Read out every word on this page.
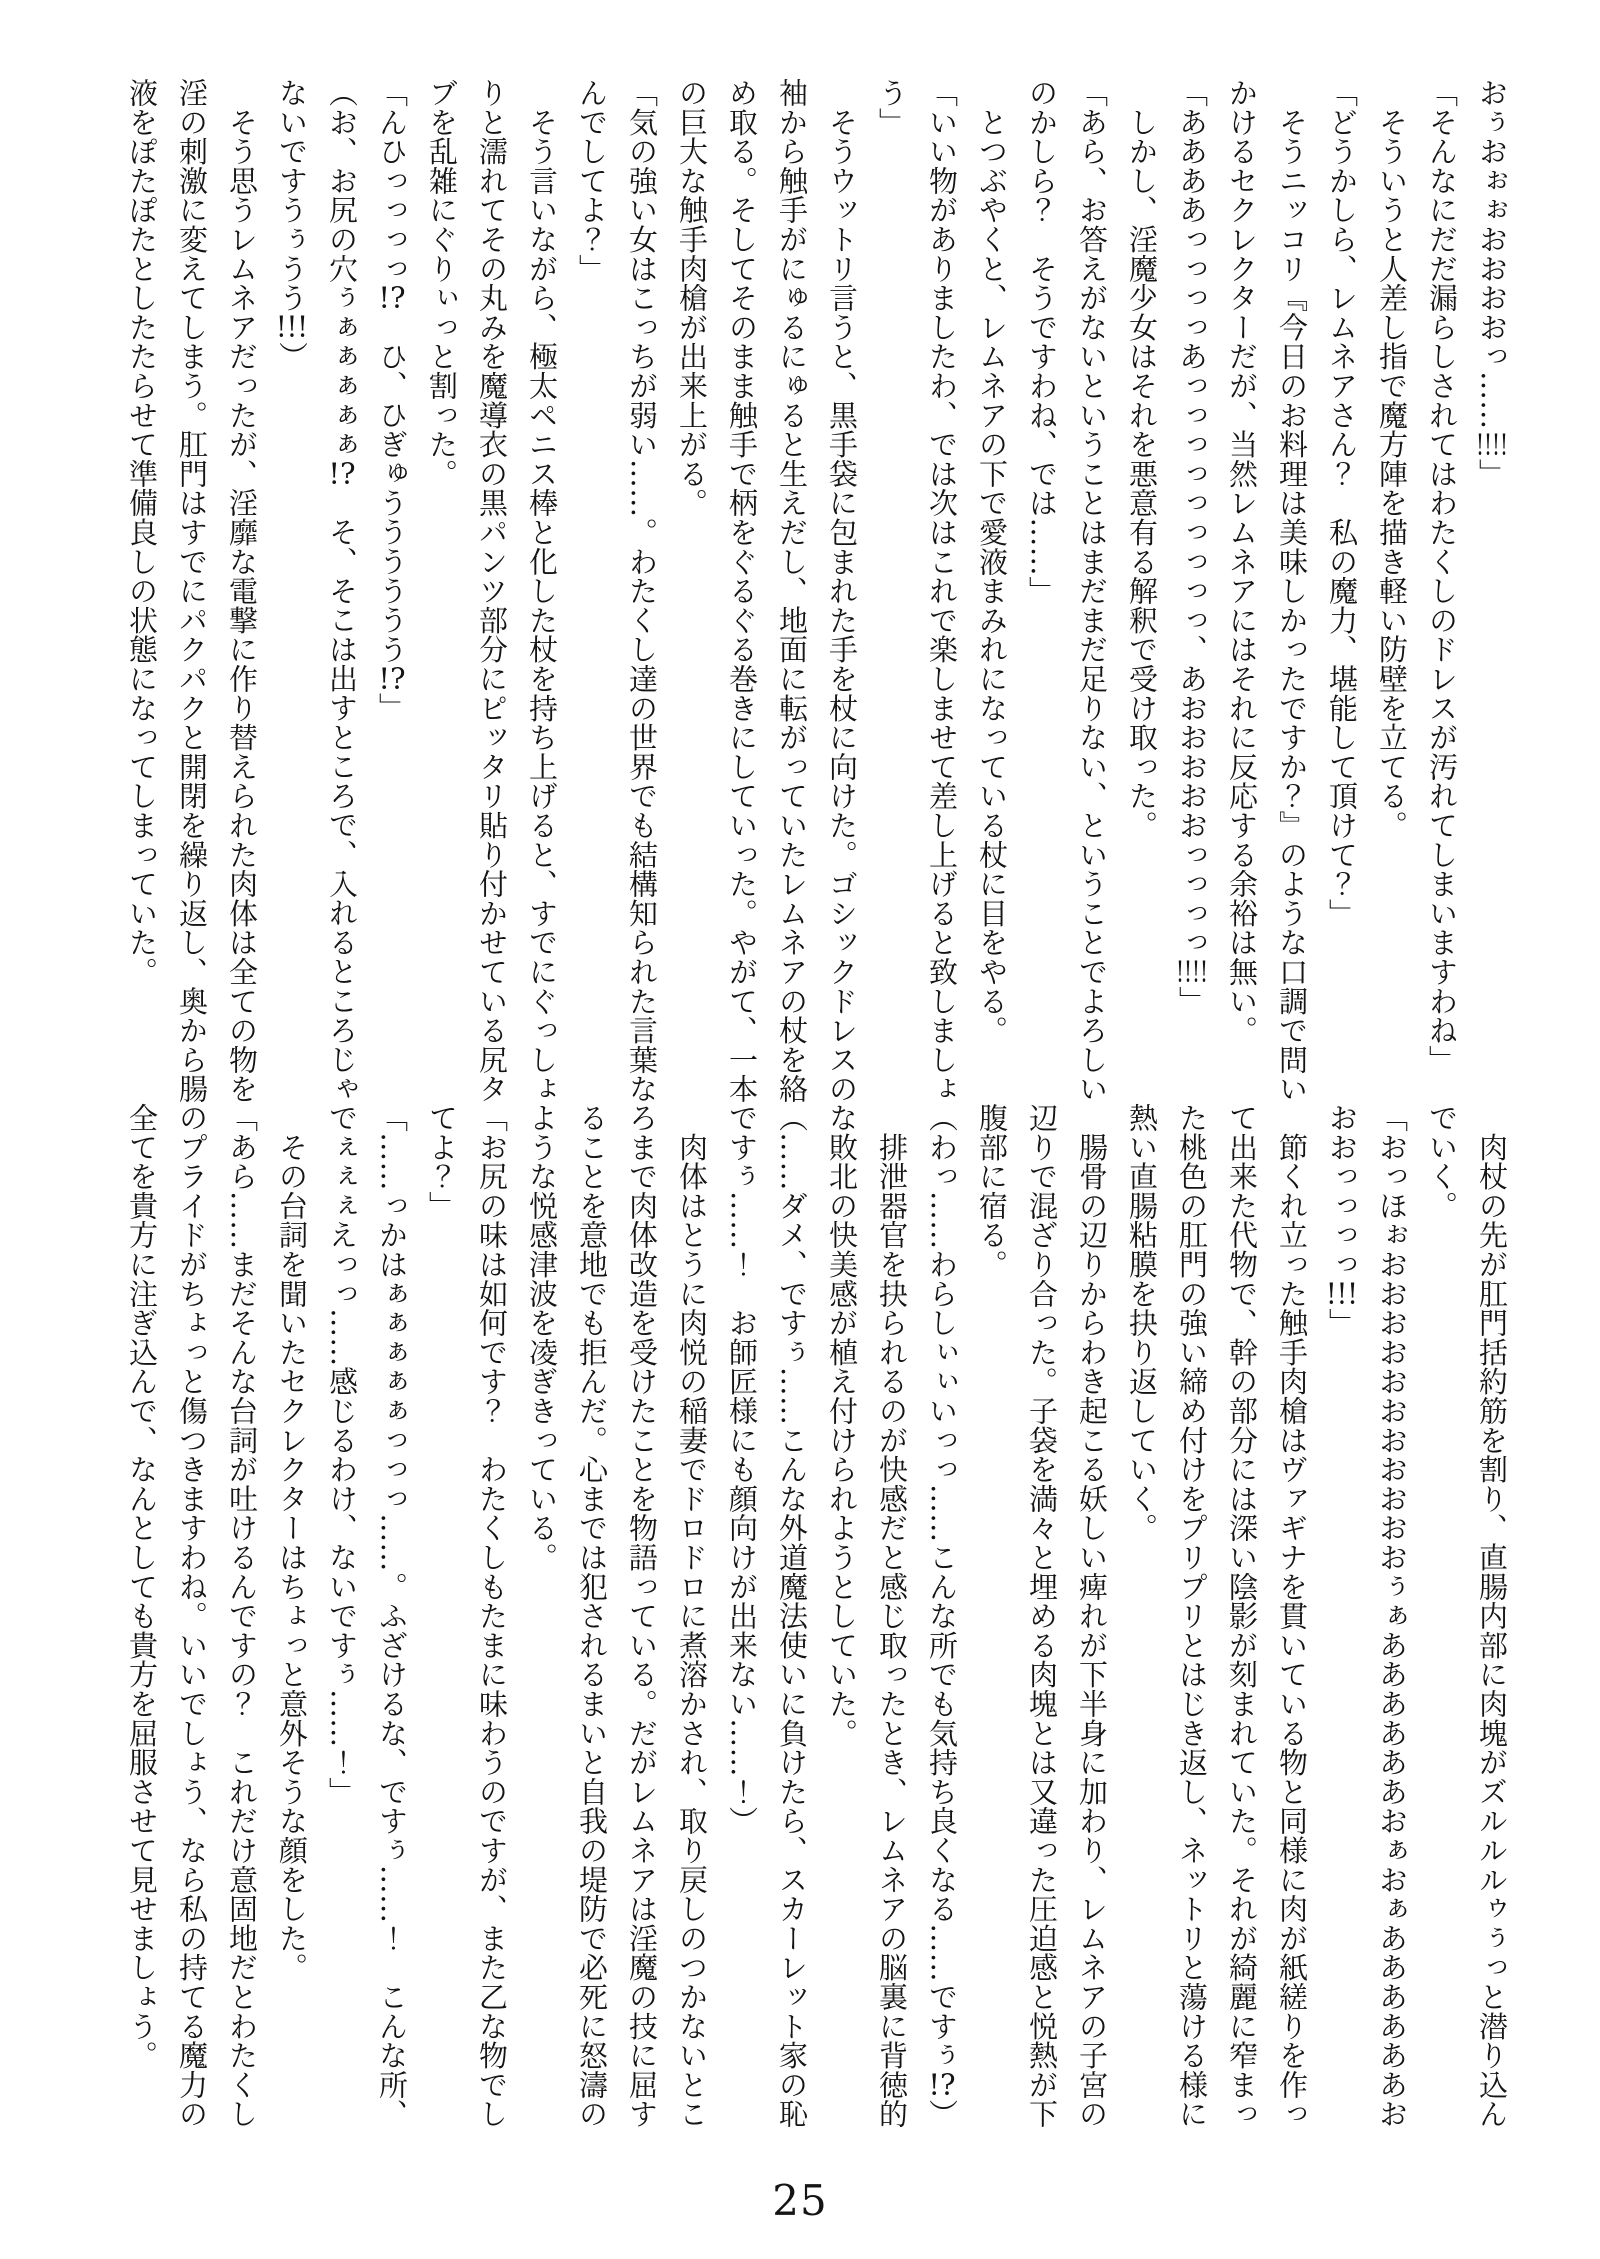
おぅおぉぉおおおおっ……!!!!」

「そんなにだだ漏らしされてはわたくしのドレスが汚れてしまいますわね」

　そういうと人差し指で魔方陣を描き軽い防壁を立てる。

「どうかしら、レムネアさん？　私の魔力、堪能して頂けて？」

　そうニッコリ『今日のお料理は美味しかったですか？』のような口調で問いかけるセクレクターだが、当然レムネアにはそれに反応する余裕は無い。

「ああああっっっっあっっっっっっっっっ、あおおおおおっっっっ!!!!」

　しかし、淫魔少女はそれを悪意有る解釈で受け取った。

「あら、お答えがないということはまだまだ足りない、ということでよろしいのかしら？　そうですわね、では……」

　とつぶやくと、レムネアの下で愛液まみれになっている杖に目をやる。

「いい物がありましたわ、では次はこれで楽しませて差し上げると致しましょう」

　そうウットリ言うと、黒手袋に包まれた手を杖に向けた。ゴシックドレスの袖から触手がにゅるにゅると生えだし、地面に転がっていたレムネアの杖を絡め取る。そしてそのまま触手で柄をぐるぐる巻きにしていった。やがて、一本の巨大な触手肉槍が出来上がる。

「気の強い女はこっちが弱い……。わたくし達の世界でも結構知られた言葉なんでしてよ？」

　そう言いながら、極太ペニス棒と化した杖を持ち上げると、すでにぐっしょりと濡れてその丸みを魔導衣の黒パンツ部分にピッタリ貼り付かせている尻タブを乱雑にぐりぃっと割った。

「んひっっっっ!?　ひ、ひぎゅうううううう!?」

（お、お尻の穴ぅぁぁぁぁぁ!?　そ、そこは出すところで、入れるところじゃないですうぅうう!!!）

　そう思うレムネアだったが、淫靡な電撃に作り替えられた肉体は全ての物を淫の刺激に変えてしまう。肛門はすでにパクパクと開閉を繰り返し、奥から腸液をぽたぽたとしたたらせて準備良しの状態になってしまっていた。

　肉杖の先が肛門括約筋を割り、直腸内部に肉塊がズルルルゥぅっと潜り込んでいく。

「おっほぉおおおおおおおおおおおぅぁああああああおぁおぁああああああおおおっっっっ!!!」

　節くれ立った触手肉槍はヴァギナを貫いている物と同様に肉が紙縒りを作って出来た代物で、幹の部分には深い陰影が刻まれていた。それが綺麗に窄まった桃色の肛門の強い締め付けをプリプリとはじき返し、ネットリと蕩ける様に熱い直腸粘膜を抉り返していく。

　腸骨の辺りからわき起こる妖しい痺れが下半身に加わり、レムネアの子宮の辺りで混ざり合った。子袋を満々と埋める肉塊とは又違った圧迫感と悦熱が下腹部に宿る。

（わっ……わらしぃぃいっっ……こんな所でも気持ち良くなる……ですぅ!?）

　排泄器官を抉られるのが快感だと感じ取ったとき、レムネアの脳裏に背徳的な敗北の快美感が植え付けられようとしていた。

（……ダメ、ですぅ……こんな外道魔法使いに負けたら、スカーレット家の恥ですぅ……！　お師匠様にも顔向けが出来ない……！）

　肉体はとうに肉悦の稲妻でドロドロに煮溶かされ、取り戻しのつかないところまで肉体改造を受けたことを物語っている。だがレムネアは淫魔の技に屈することを意地でも拒んだ。心までは犯されるまいと自我の堤防で必死に怒濤のような悦感津波を凌ぎきっている。

「お尻の味は如何です？　わたくしもたまに味わうのですが、また乙な物でしてよ？」

「……っかはぁぁぁぁぁっっっ……。ふざけるな、ですぅ……！　こんな所、でぇぇぇえっっ……感じるわけ、ないですぅ……！」

　その台詞を聞いたセクレクターはちょっと意外そうな顔をした。

「あら……まだそんな台詞が吐けるんですの？　これだけ意固地だとわたくしのプライドがちょっと傷つきますわね。いいでしょう、なら私の持てる魔力の全てを貴方に注ぎ込んで、なんとしても貴方を屈服させて見せましょう。

25
